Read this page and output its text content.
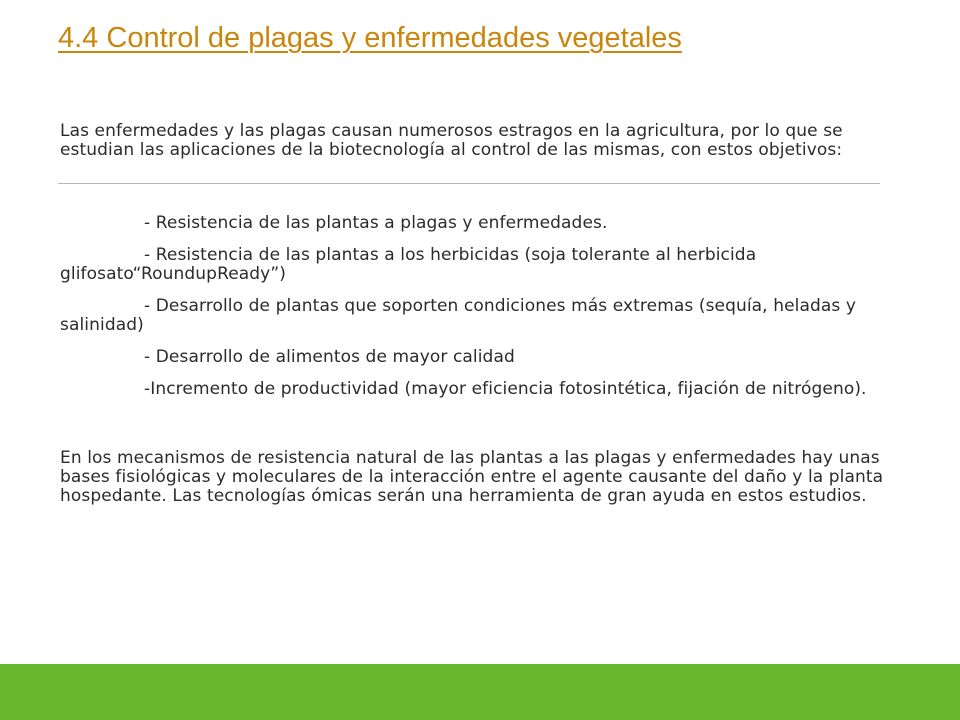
4.4 Control de plagas y enfermedades vegetales

Las enfermedades y las plagas causan numerosos estragos en la agricultura, por lo que se estudian las aplicaciones de la biotecnología al control de las mismas, con estos objetivos:

- Resistencia de las plantas a plagas y enfermedades.

- Resistencia de las plantas a los herbicidas (soja tolerante al herbicida glifosato“RoundupReady”)

- Desarrollo de plantas que soporten condiciones más extremas (sequía, heladas y salinidad)

- Desarrollo de alimentos de mayor calidad

-Incremento de productividad (mayor eficiencia fotosintética, fijación de nitrógeno).

En los mecanismos de resistencia natural de las plantas a las plagas y enfermedades hay unas bases fisiológicas y moleculares de la interacción entre el agente causante del daño y la planta hospedante. Las tecnologías ómicas serán una herramienta de gran ayuda en estos estudios.
